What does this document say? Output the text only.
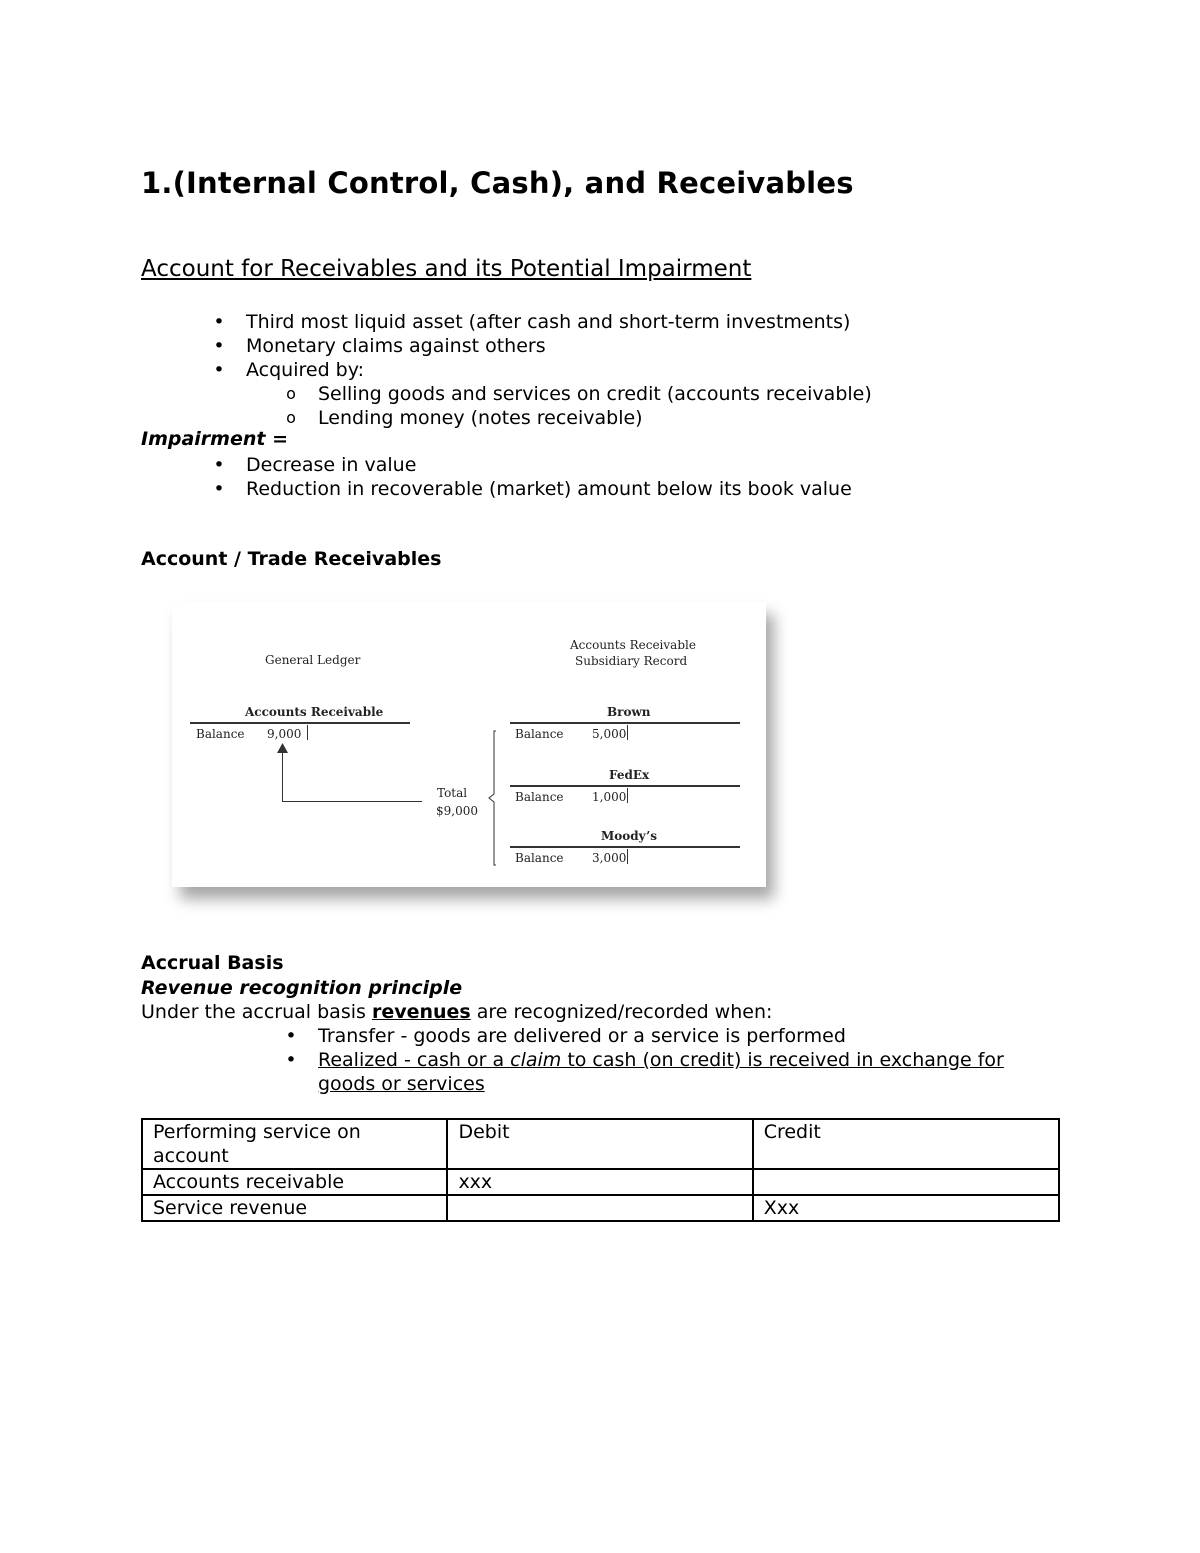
1.(Internal Control, Cash), and Receivables
Account for Receivables and its Potential Impairment
• Third most liquid asset (after cash and short-term investments)
• Monetary claims against others
• Acquired by:
o Selling goods and services on credit (accounts receivable)
o Lending money (notes receivable)
Impairment =
• Decrease in value
• Reduction in recoverable (market) amount below its book value
Account / Trade Receivables
General Ledger
Accounts Receivable
Subsidiary Record
Accounts Receivable
Balance 9,000
Total
$9,000
Brown
Balance 5,000
FedEx
Balance 1,000
Moody’s
Balance 3,000
Accrual Basis
Revenue recognition principle
Under the accrual basis revenues are recognized/recorded when:
• Transfer - goods are delivered or a service is performed
• Realized - cash or a claim to cash (on credit) is received in exchange for
goods or services
Performing service on account	Debit	Credit
Accounts receivable	xxx	
Service revenue		Xxx
